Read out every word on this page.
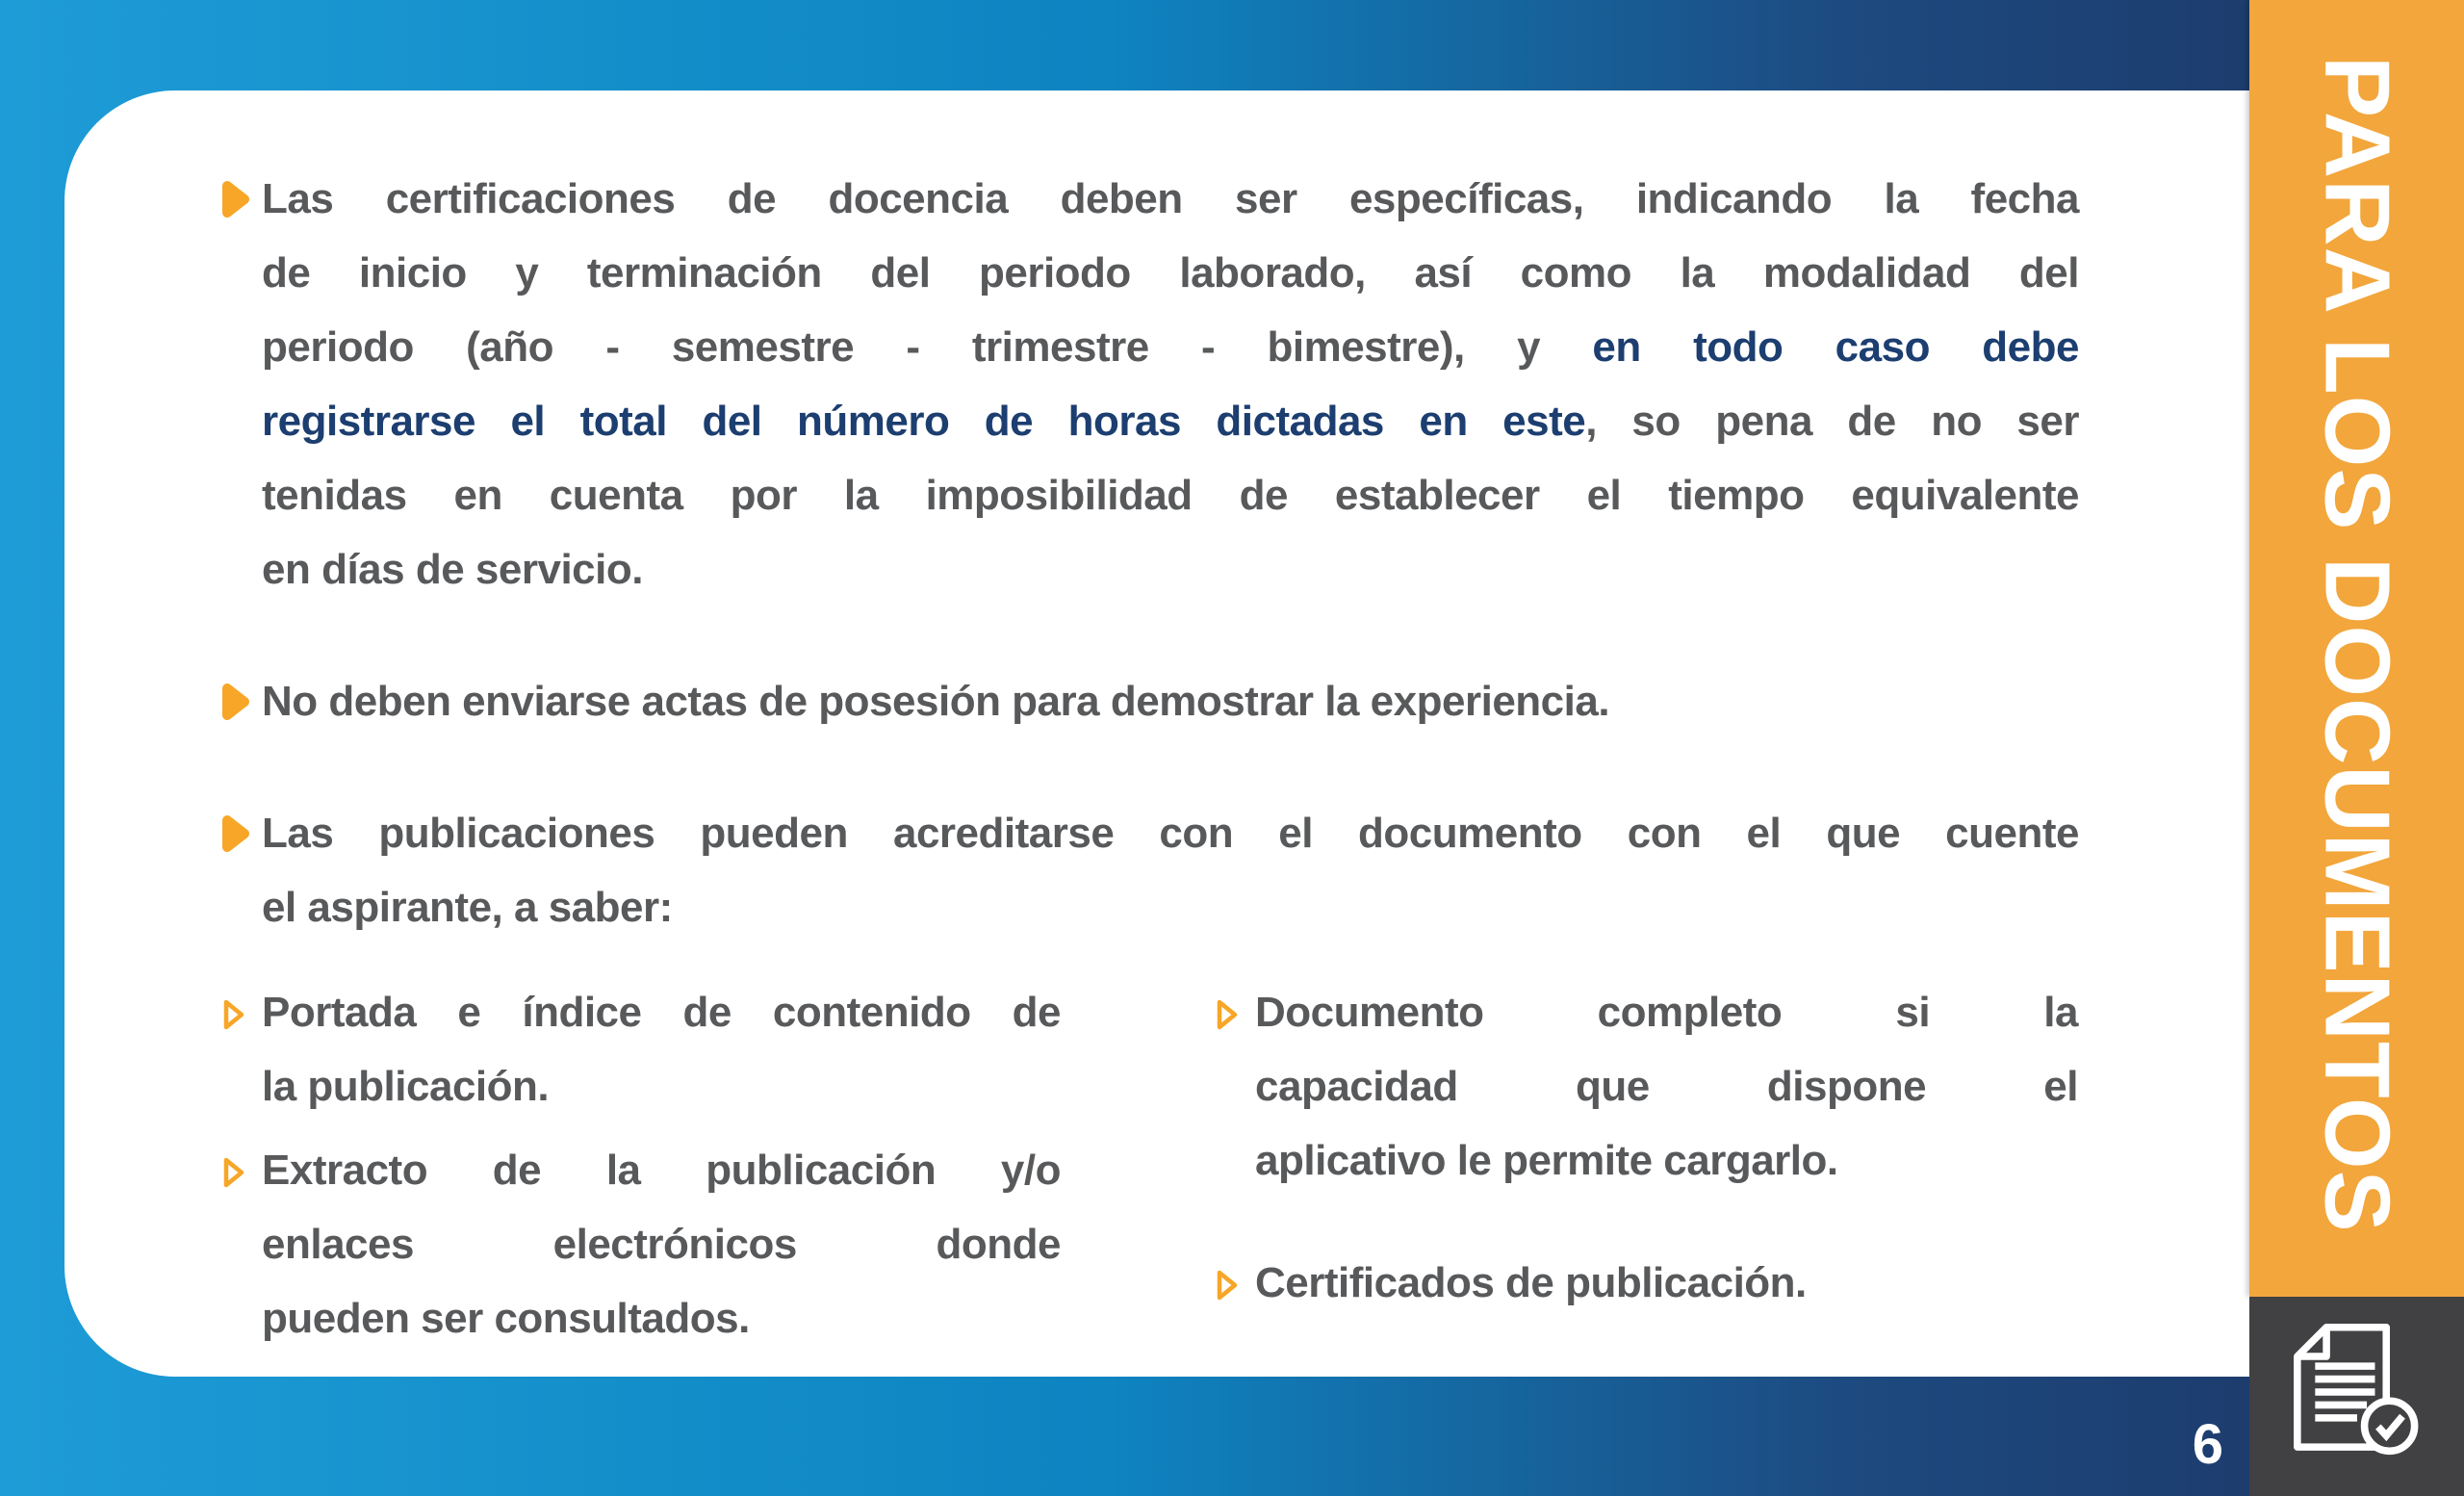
Las certificaciones de docencia deben ser específicas, indicando la fecha
de inicio y terminación del periodo laborado, así como la modalidad del
periodo (año - semestre - trimestre - bimestre), y en todo caso debe
registrarse el total del número de horas dictadas en este, so pena de no ser
tenidas en cuenta por la imposibilidad de establecer el tiempo equivalente
en días de servicio.
No deben enviarse actas de posesión para demostrar la experiencia.
Las publicaciones pueden acreditarse con el documento con el que cuente
el aspirante, a saber:
Portada e índice de contenido de
la publicación.
Extracto de la publicación y/o
enlaces electrónicos donde
pueden ser consultados.
Documento completo si la
capacidad que dispone el
aplicativo le permite cargarlo.
Certificados de publicación.
PARA LOS DOCUMENTOS
6
